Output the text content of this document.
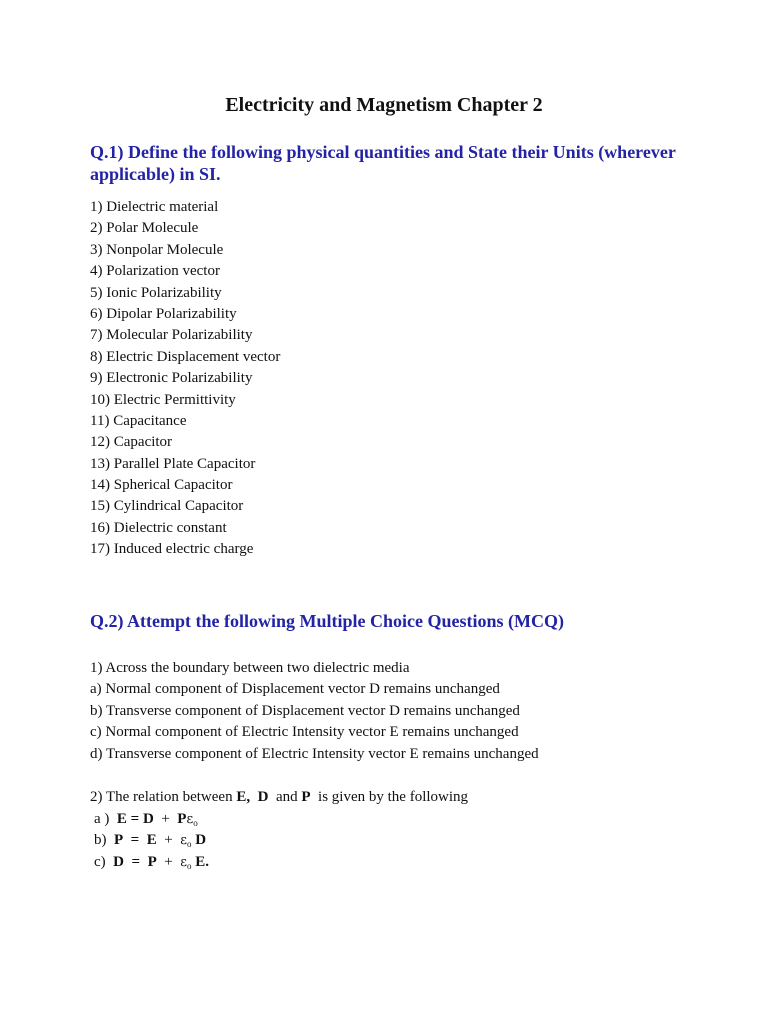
Electricity and Magnetism Chapter 2
Q.1) Define the following physical quantities and State their Units (wherever applicable) in SI.
1) Dielectric material
2) Polar Molecule
3) Nonpolar Molecule
4) Polarization vector
5) Ionic Polarizability
6) Dipolar Polarizability
7) Molecular Polarizability
8) Electric Displacement vector
9) Electronic Polarizability
10) Electric Permittivity
11) Capacitance
12) Capacitor
13) Parallel Plate Capacitor
14) Spherical Capacitor
15) Cylindrical Capacitor
16) Dielectric constant
17) Induced electric charge
Q.2) Attempt the following Multiple Choice Questions (MCQ)
1) Across the boundary between two dielectric media
a) Normal component of Displacement vector D remains unchanged
b) Transverse component of Displacement vector D remains unchanged
c) Normal component of Electric Intensity vector E remains unchanged
d) Transverse component of Electric Intensity vector E remains unchanged
2) The relation between E, D and P is given by the following
a ) $E = D + P\varepsilon_o$
b) $P = E + \varepsilon_o$ D
c) $D = P + \varepsilon_o$ E.
